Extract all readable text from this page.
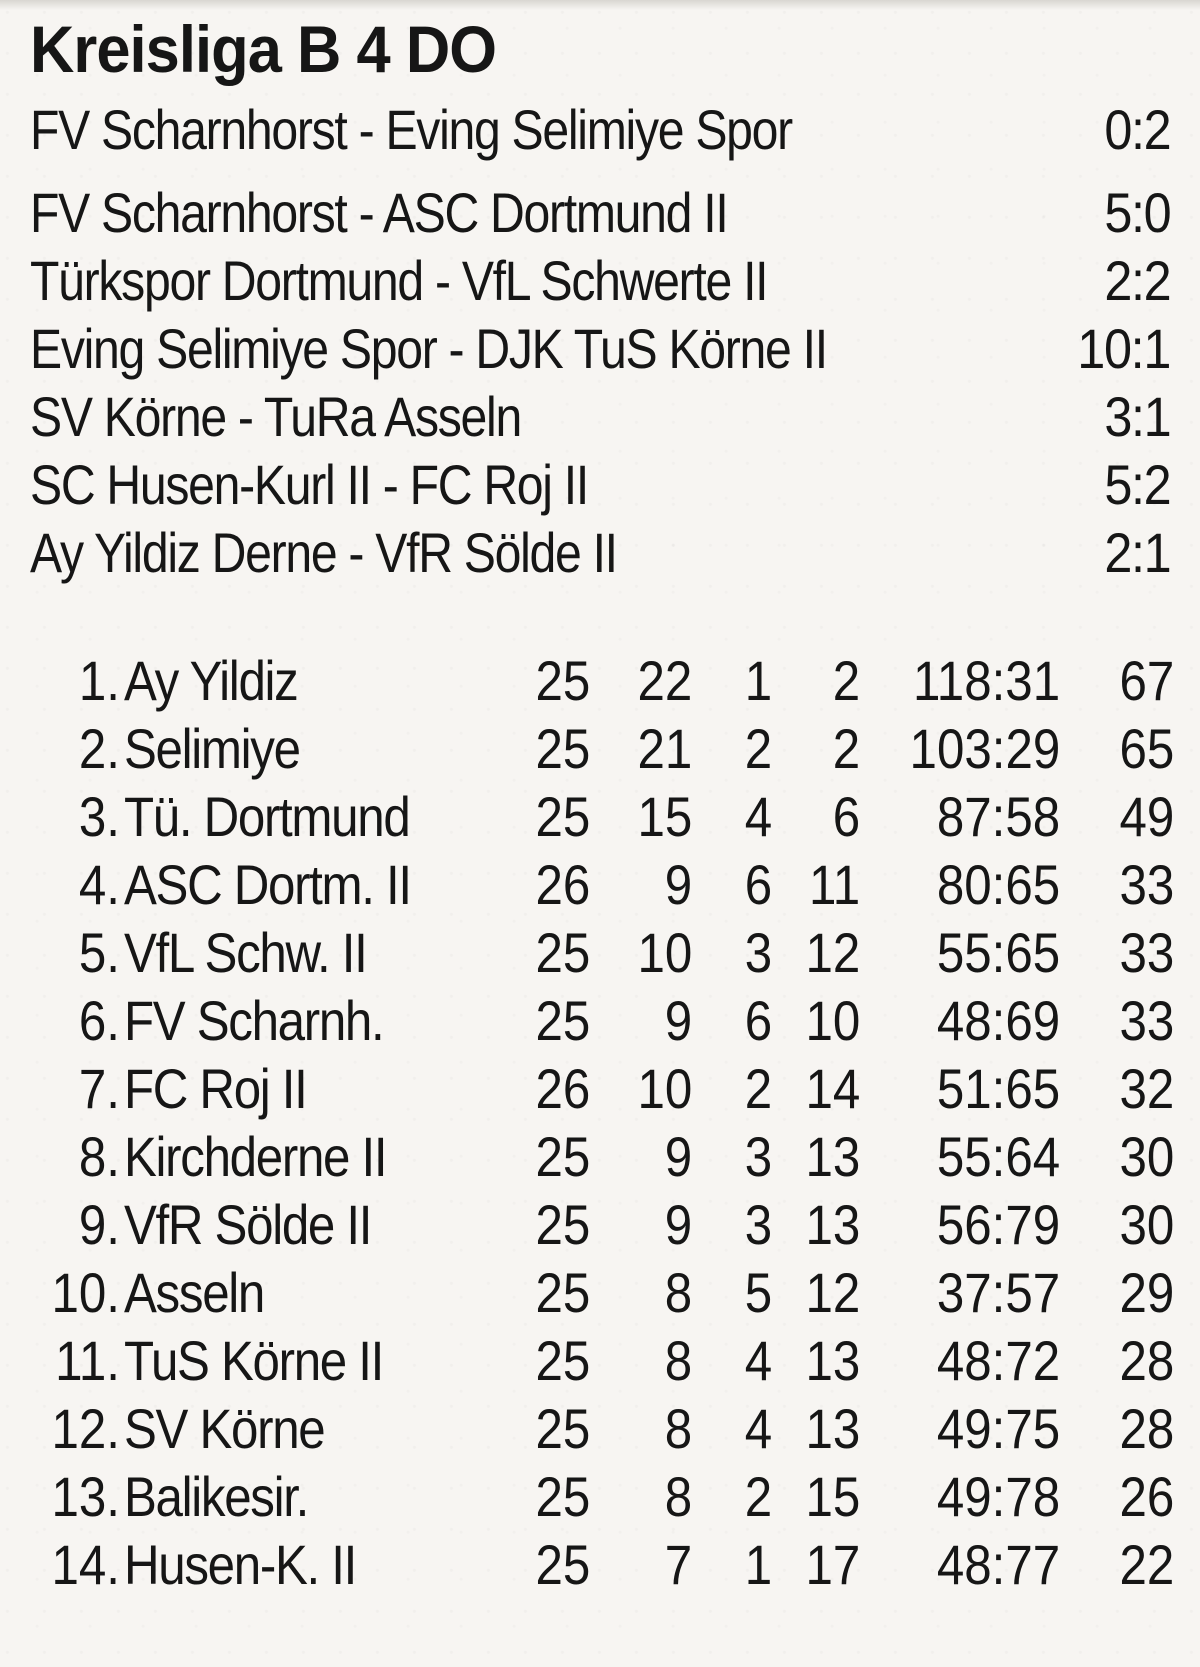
Kreisliga B 4 DO
FV Scharnhorst - Eving Selimiye Spor	0:2
FV Scharnhorst - ASC Dortmund II	5:0
Türkspor Dortmund - VfL Schwerte II	2:2
Eving Selimiye Spor - DJK TuS Körne II	10:1
SV Körne - TuRa Asseln	3:1
SC Husen-Kurl II - FC Roj II	5:2
Ay Yildiz Derne - VfR Sölde II	2:1
1. Ay Yildiz	25 22 1 2 118:31 67
2. Selimiye	25 21 2 2 103:29 65
3. Tü. Dortmund 25 15 4 6 87:58 49
4. ASC Dortm. II 26 9 6 11 80:65 33
5. VfL Schw. II	25 10 3 12 55:65 33
6. FV Scharnh.	25 9 6 10 48:69 33
7. FC Roj II	26 10 2 14 51:65 32
8. Kirchderne II	25 9 3 13 55:64 30
9. VfR Sölde II	25 9 3 13 56:79 30
10. Asseln	25 8 5 12 37:57 29
11. TuS Körne II	25 8 4 13 48:72 28
12. SV Körne	25 8 4 13 49:75 28
13. Balikesir.	25 8 2 15 49:78 26
14. Husen-K. II	25 7 1 17 48:77 22
